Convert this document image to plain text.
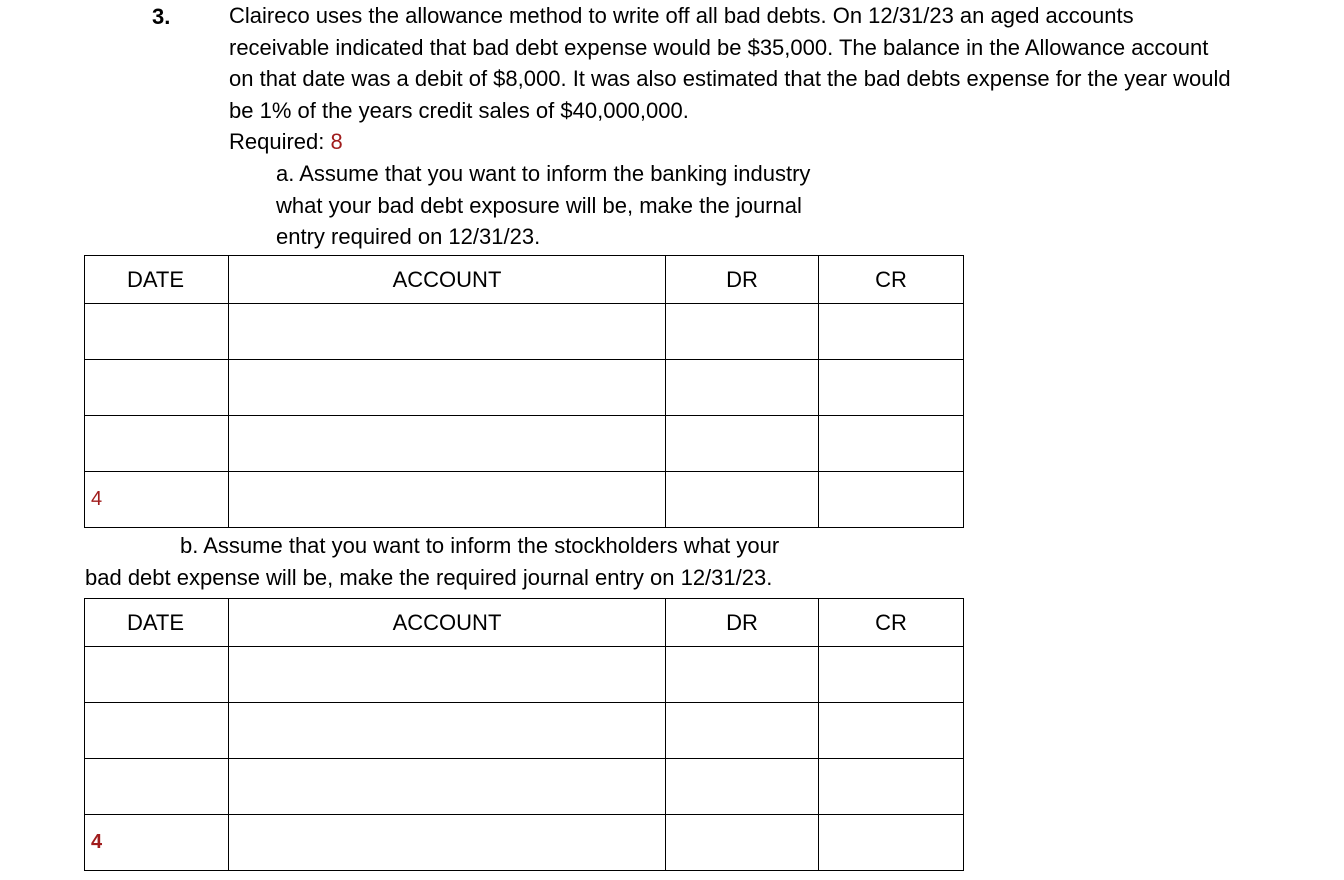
3.	Claireco uses the allowance method to write off all bad debts. On 12/31/23 an aged accounts
receivable indicated that bad debt expense would be $35,000. The balance in the Allowance account
on that date was a debit of $8,000. It was also estimated that the bad debts expense for the year would
be 1% of the years credit sales of $40,000,000.
Required: 8
a. Assume that you want to inform the banking industry
what your bad debt exposure will be, make the journal
entry required on 12/31/23.
DATE	ACCOUNT	DR	CR

4			
b. Assume that you want to inform the stockholders what your
bad debt expense will be, make the required journal entry on 12/31/23.
DATE	ACCOUNT	DR	CR

4			
